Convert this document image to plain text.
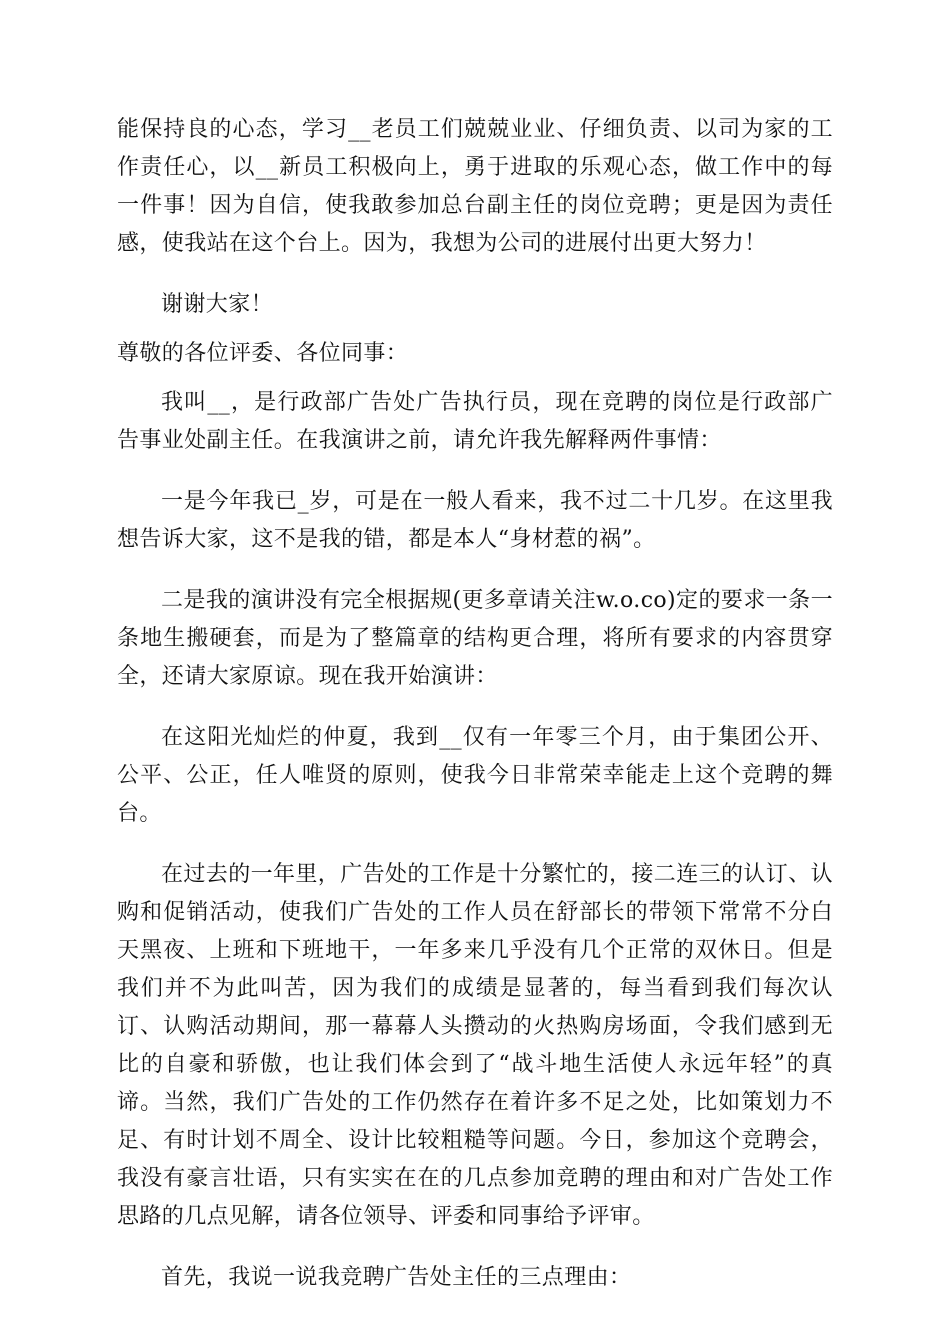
能保持良的心态，学习__老员工们兢兢业业、仔细负责、以司为家的工作责任心，以__新员工积极向上，勇于进取的乐观心态，做工作中的每一件事！因为自信，使我敢参加总台副主任的岗位竞聘；更是因为责任感，使我站在这个台上。因为，我想为公司的进展付出更大努力！

谢谢大家！

尊敬的各位评委、各位同事：

我叫__，是行政部广告处广告执行员，现在竞聘的岗位是行政部广告事业处副主任。在我演讲之前，请允许我先解释两件事情：

一是今年我已_岁，可是在一般人看来，我不过二十几岁。在这里我想告诉大家，这不是我的错，都是本人“身材惹的祸”。

二是我的演讲没有完全根据规(更多章请关注w.o.co)定的要求一条一条地生搬硬套，而是为了整篇章的结构更合理，将所有要求的内容贯穿全，还请大家原谅。现在我开始演讲：

在这阳光灿烂的仲夏，我到__仅有一年零三个月，由于集团公开、公平、公正，任人唯贤的原则，使我今日非常荣幸能走上这个竞聘的舞台。

在过去的一年里，广告处的工作是十分繁忙的，接二连三的认订、认购和促销活动，使我们广告处的工作人员在舒部长的带领下常常不分白天黑夜、上班和下班地干，一年多来几乎没有几个正常的双休日。但是我们并不为此叫苦，因为我们的成绩是显著的，每当看到我们每次认订、认购活动期间，那一幕幕人头攒动的火热购房场面，令我们感到无比的自豪和骄傲，也让我们体会到了“战斗地生活使人永远年轻”的真谛。当然，我们广告处的工作仍然存在着许多不足之处，比如策划力不足、有时计划不周全、设计比较粗糙等问题。今日，参加这个竞聘会，我没有豪言壮语，只有实实在在的几点参加竞聘的理由和对广告处工作思路的几点见解，请各位领导、评委和同事给予评审。

首先，我说一说我竞聘广告处主任的三点理由：
